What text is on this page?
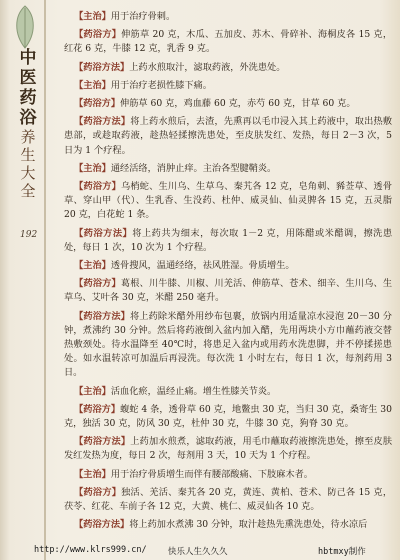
中
医
药
浴
养
生
大
全
192

【主治】用于治疗骨刺。

【药浴方】伸筋草 20 克，木瓜、五加皮、苏木、骨碎补、海桐皮各 15 克，红花 6 克，牛膝 12 克，乳香 9 克。

【药浴方法】上药水煎取汁，滤取药液，外洗患处。

【主治】用于治疗老损性膝下痛。

【药浴方】伸筋草 60 克，鸡血藤 60 克，赤芍 60 克，甘草 60 克。

【药浴方法】将上药水煎后，去渣，先熏再以毛巾浸入其上药液中，取出热敷患部，或趁取药液，趁热轻揉擦洗患处，至皮肤发红、发热，每日 2－3 次，5 日为 1 个疗程。

【主治】通经活络，消肿止痒。主治各型腱鞘炎。

【药浴方】乌梢蛇、生川乌、生草乌、秦艽各 12 克，皂角刺、豨莶草、透骨草、穿山甲（代）、生乳香、生没药、杜仲、威灵仙、仙灵脾各 15 克，五灵脂 20 克，白花蛇 1 条。

【药浴方法】将上药共为细末，每次取 1－2 克，用陈醋或米醋调，擦洗患处，每日 1 次，10 次为 1 个疗程。

【主治】透骨搜风，温通经络，祛风胜湿。骨质增生。

【药浴方】葛根、川牛膝、川椒、川羌活、伸筋草、苍术、细辛、生川乌、生草乌、艾叶各 30 克，米醋 250 毫升。

【药浴方法】将上药除米醋外用纱布包裹，放锅内用适量凉水浸泡 20－30 分钟，煮沸约 30 分钟。然后将药液倒入盆内加入醋，先用两块小方巾蘸药液交替热敷颈处。待水温降至 40℃时，将患足入盆内或用药水洗患脚，并不停揉搓患处。如水温转凉可加温后再浸洗。每次洗 1 小时左右，每日 1 次，每剂药用 3 日。

【主治】活血化瘀，温经止痛。增生性膝关节炎。

【药浴方】蝮蛇 4 条，透骨草 60 克，地鳖虫 30 克，当归 30 克，桑寄生 30 克，独活 30 克，防风 30 克，杜仲 30 克，牛膝 30 克，狗脊 30 克。

【药浴方法】上药加水煎煮，滤取药液，用毛巾蘸取药液擦洗患处，擦至皮肤发红发热为度，每日 2 次，每剂用 3 天，10 天为 1 个疗程。

【主治】用于治疗骨质增生而伴有腰部酸痛、下肢麻木者。

【药浴方】独活、羌活、秦艽各 20 克，黄连、黄柏、苍术、防己各 15 克，茯苓、红花、车前子各 12 克，大黄、桃仁、威灵仙各 10 克。

【药浴方法】将上药加水煮沸 30 分钟，取汁趁热先熏洗患处，待水凉后

http://www.klrs999.cn/	快乐人生久久久	hbtmxy制作
